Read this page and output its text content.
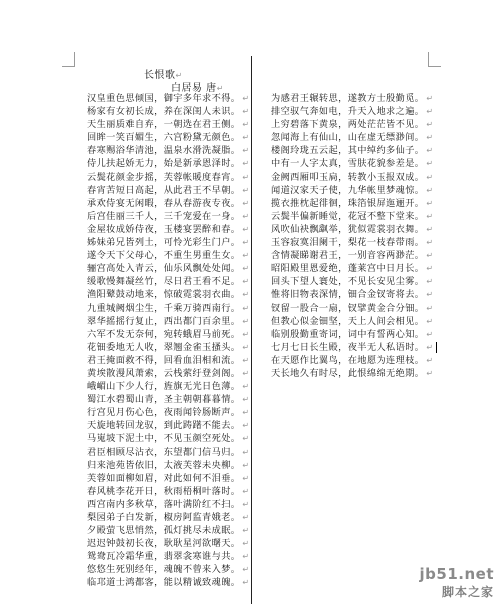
长恨歌↵
白居易 唐↵
汉皇重色思倾国，御宇多年求不得。 ↵
杨家有女初长成，养在深闺人未识。 ↵
天生丽质难自弃，一朝选在君王侧。 ↵
回眸一笑百媚生，六宫粉黛无颜色。 ↵
春寒赐浴华清池，温泉水滑洗凝脂。 ↵
侍儿扶起娇无力，始是新承恩泽时。 ↵
云鬓花颜金步摇，芙蓉帐暖度春宵。 ↵
春宵苦短日高起，从此君王不早朝。 ↵
承欢侍宴无闲暇，春从春游夜专夜。 ↵
后宫佳丽三千人，三千宠爱在一身。 ↵
金屋妆成娇侍夜，玉楼宴罢醉和春。 ↵
姊妹弟兄皆列土，可怜光彩生门户。 ↵
遂令天下父母心，不重生男重生女。 ↵
骊宫高处入青云，仙乐风飘处处闻。 ↵
缓歌慢舞凝丝竹，尽日君王看不足。 ↵
渔阳鼙鼓动地来，惊破霓裳羽衣曲。 ↵
九重城阙烟尘生，千乘万骑西南行。 ↵
翠华摇摇行复止，西出都门百余里。 ↵
六军不发无奈何，宛转蛾眉马前死。 ↵
花钿委地无人收，翠翘金雀玉搔头。 ↵
君王掩面救不得，回看血泪相和流。 ↵
黄埃散漫风萧索，云栈萦纡登剑阁。 ↵
峨嵋山下少人行，旌旗无光日色薄。 ↵
蜀江水碧蜀山青，圣主朝朝暮暮情。 ↵
行宫见月伤心色，夜雨闻铃肠断声。 ↵
天旋地转回龙驭，到此踌躇不能去。 ↵
马嵬坡下泥土中，不见玉颜空死处。 ↵
君臣相顾尽沾衣，东望都门信马归。 ↵
归来池苑皆依旧，太液芙蓉未央柳。 ↵
芙蓉如面柳如眉，对此如何不泪垂。 ↵
春风桃李花开日，秋雨梧桐叶落时。 ↵
西宫南内多秋草，落叶满阶红不扫。 ↵
梨园弟子白发新，椒房阿监青娥老。 ↵
夕殿萤飞思悄然，孤灯挑尽未成眠。 ↵
迟迟钟鼓初长夜，耿耿星河欲曙天。 ↵
鸳鸯瓦冷霜华重，翡翠衾寒谁与共。 ↵
悠悠生死别经年，魂魄不曾来入梦。 ↵
临邛道士鸿都客，能以精诚致魂魄。 ↵
为感君王辗转思，遂教方士殷勤觅。 ↵
排空驭气奔如电，升天入地求之遍。 ↵
上穷碧落下黄泉，两处茫茫皆不见。 ↵
忽闻海上有仙山，山在虚无缥渺间。 ↵
楼阁玲珑五云起，其中绰约多仙子。 ↵
中有一人字太真，雪肤花貌参差是。 ↵
金阙西厢叩玉扃，转教小玉报双成。 ↵
闻道汉家天子使，九华帐里梦魂惊。 ↵
揽衣推枕起徘徊，珠箔银屏迤逦开。 ↵
云鬓半偏新睡觉，花冠不整下堂来。 ↵
风吹仙袂飘飖举，犹似霓裳羽衣舞。 ↵
玉容寂寞泪阑干，梨花一枝春带雨。 ↵
含情凝睇谢君王，一别音容两渺茫。 ↵
昭阳殿里恩爱绝，蓬莱宫中日月长。 ↵
回头下望人寰处，不见长安见尘雾。 ↵
惟将旧物表深情，钿合金钗寄将去。 ↵
钗留一股合一扇，钗擘黄金合分钿。 ↵
但教心似金钿坚，天上人间会相见。 ↵
临别殷勤重寄词，词中有誓两心知。 ↵
七月七日长生殿，夜半无人私语时。 ↵
在天愿作比翼鸟，在地愿为连理枝。 ↵
天长地久有时尽，此恨绵绵无绝期。 ↵
jb51.net
脚本之家
